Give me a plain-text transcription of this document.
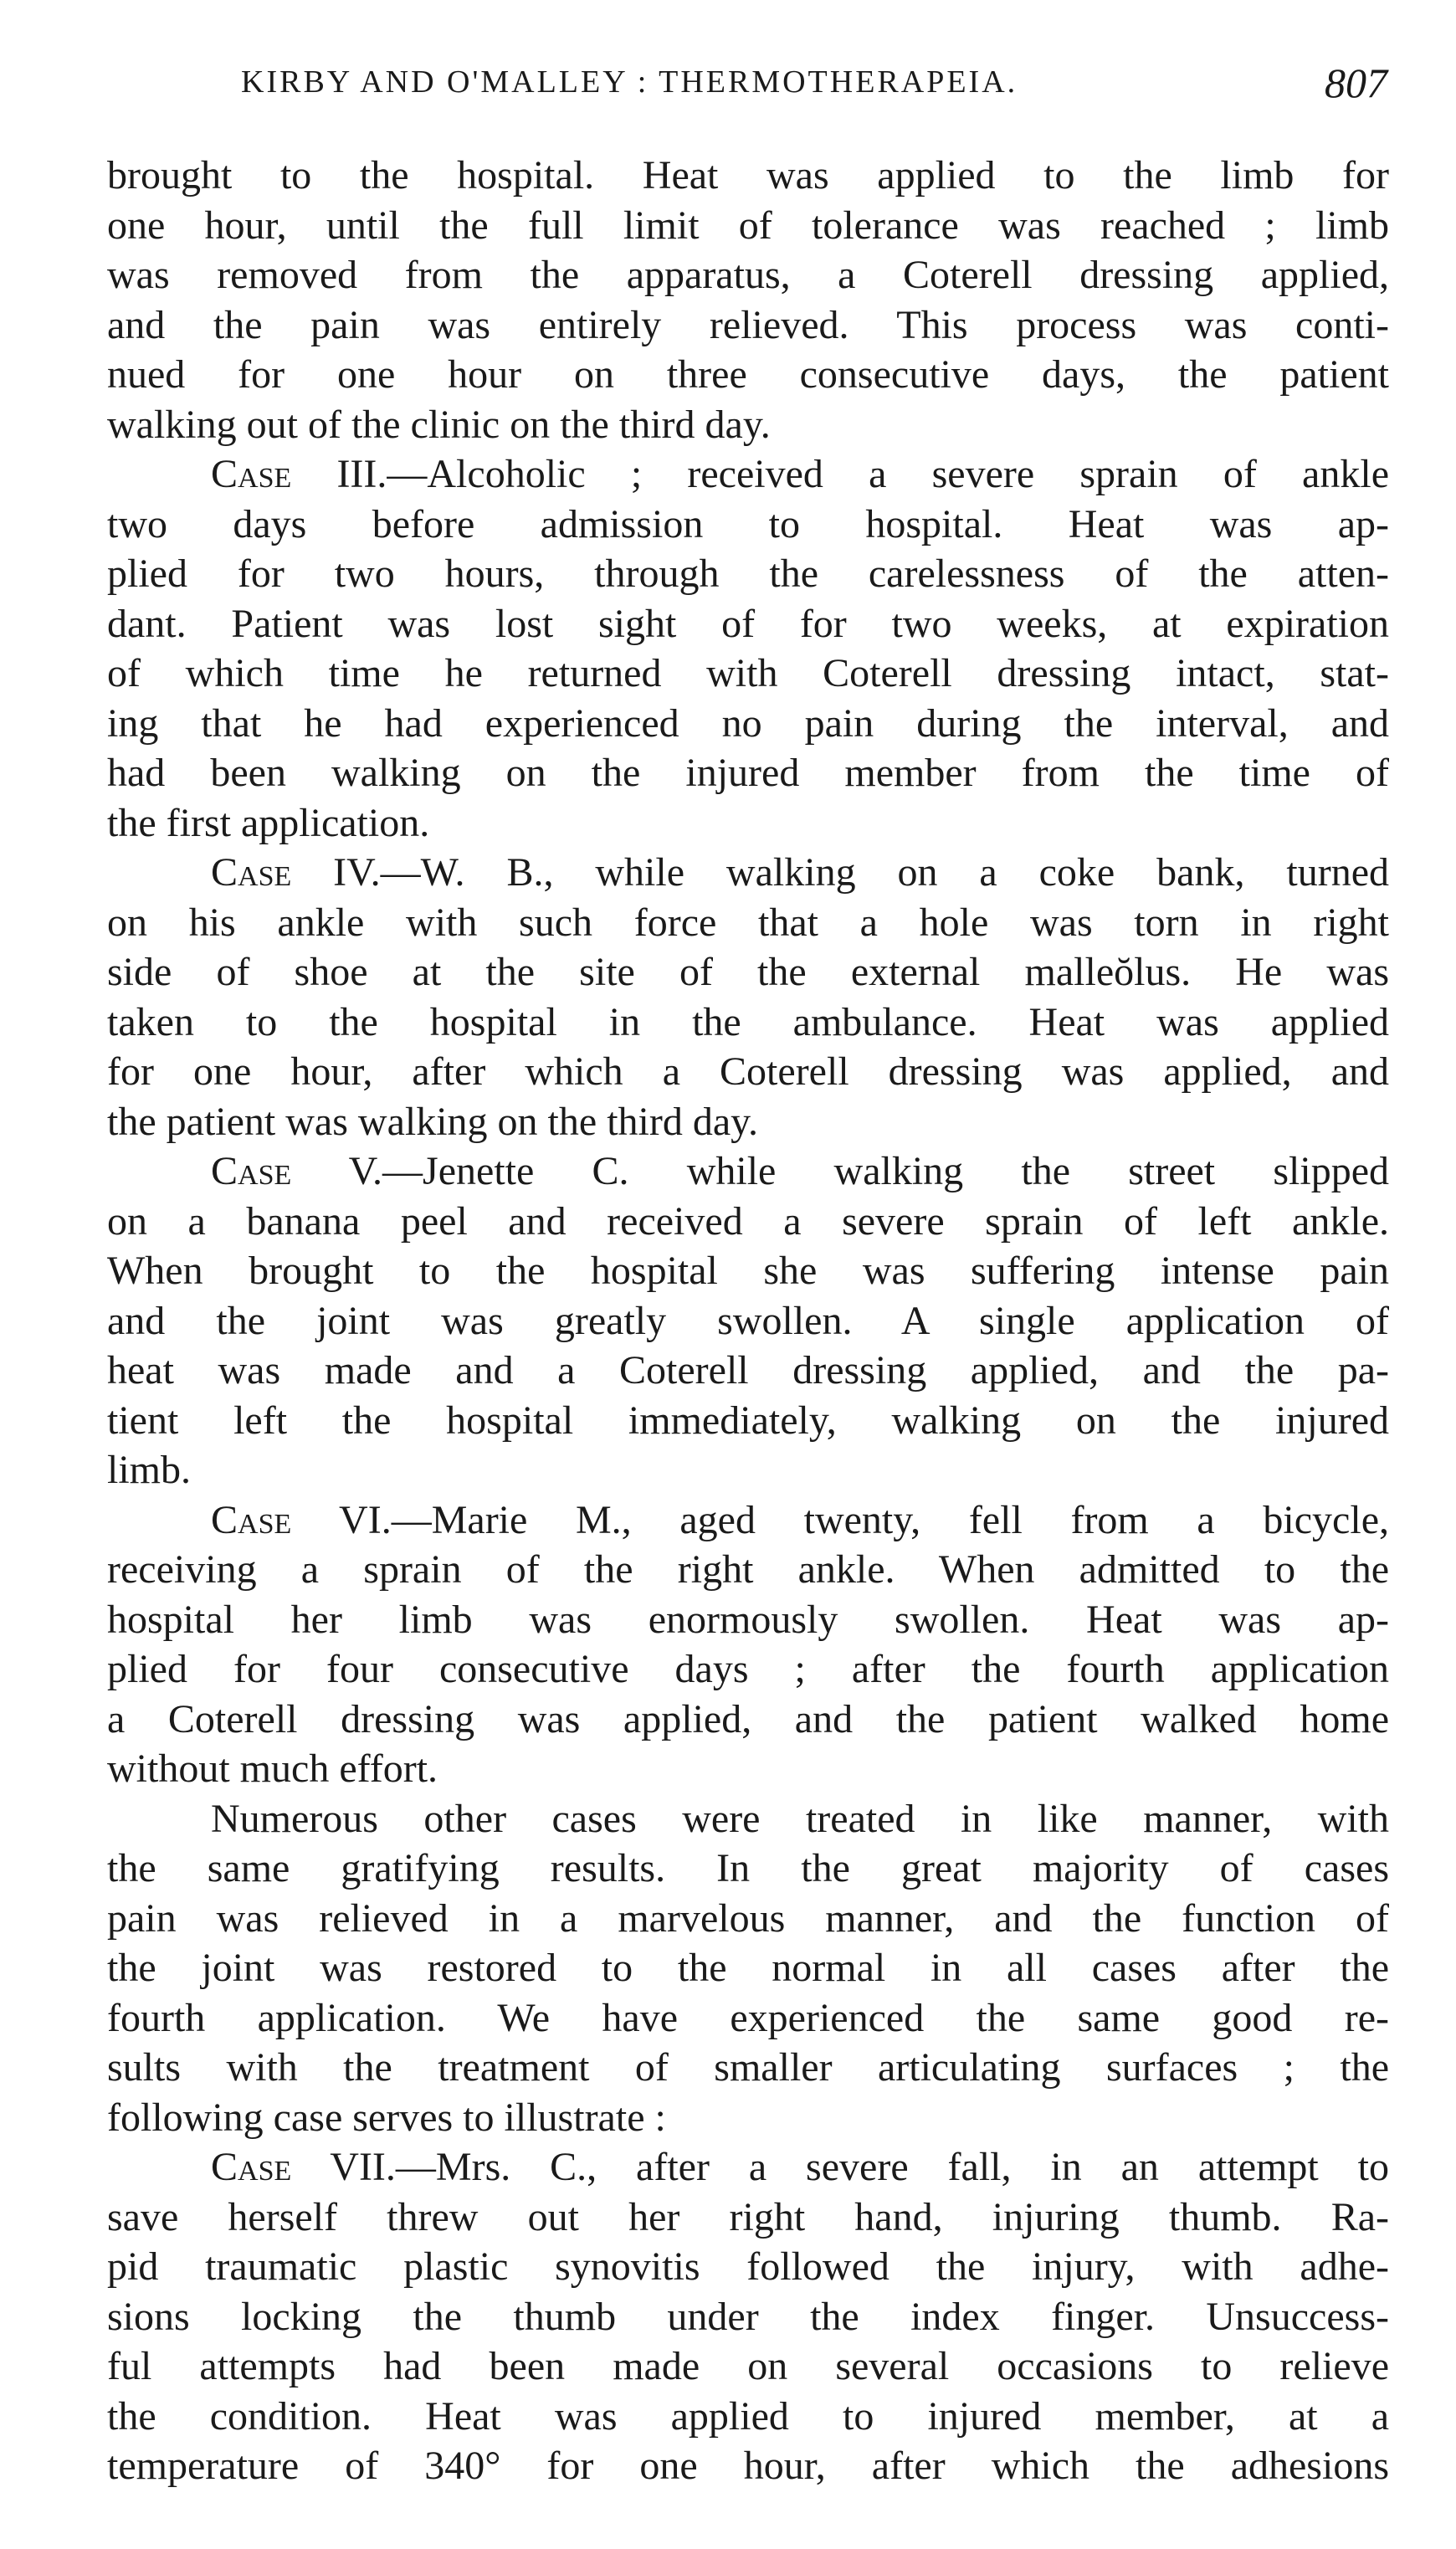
KIRBY AND O'MALLEY : THERMOTHERAPEIA.	807
brought to the hospital. Heat was applied to the limb for
one hour, until the full limit of tolerance was reached ; limb
was removed from the apparatus, a Coterell dressing applied,
and the pain was entirely relieved. This process was conti-
nued for one hour on three consecutive days, the patient
walking out of the clinic on the third day.
Case III.—Alcoholic ; received a severe sprain of ankle
two days before admission to hospital. Heat was ap-
plied for two hours, through the carelessness of the atten-
dant. Patient was lost sight of for two weeks, at expiration
of which time he returned with Coterell dressing intact, stat-
ing that he had experienced no pain during the interval, and
had been walking on the injured member from the time of
the first application.
Case IV.—W. B., while walking on a coke bank, turned
on his ankle with such force that a hole was torn in right
side of shoe at the site of the external malleŏlus. He was
taken to the hospital in the ambulance. Heat was applied
for one hour, after which a Coterell dressing was applied, and
the patient was walking on the third day.
Case V.—Jenette C. while walking the street slipped
on a banana peel and received a severe sprain of left ankle.
When brought to the hospital she was suffering intense pain
and the joint was greatly swollen. A single application of
heat was made and a Coterell dressing applied, and the pa-
tient left the hospital immediately, walking on the injured
limb.
Case VI.—Marie M., aged twenty, fell from a bicycle,
receiving a sprain of the right ankle. When admitted to the
hospital her limb was enormously swollen. Heat was ap-
plied for four consecutive days ; after the fourth application
a Coterell dressing was applied, and the patient walked home
without much effort.
Numerous other cases were treated in like manner, with
the same gratifying results. In the great majority of cases
pain was relieved in a marvelous manner, and the function of
the joint was restored to the normal in all cases after the
fourth application. We have experienced the same good re-
sults with the treatment of smaller articulating surfaces ; the
following case serves to illustrate :
Case VII.—Mrs. C., after a severe fall, in an attempt to
save herself threw out her right hand, injuring thumb. Ra-
pid traumatic plastic synovitis followed the injury, with adhe-
sions locking the thumb under the index finger. Unsuccess-
ful attempts had been made on several occasions to relieve
the condition. Heat was applied to injured member, at a
temperature of 340° for one hour, after which the adhesions
